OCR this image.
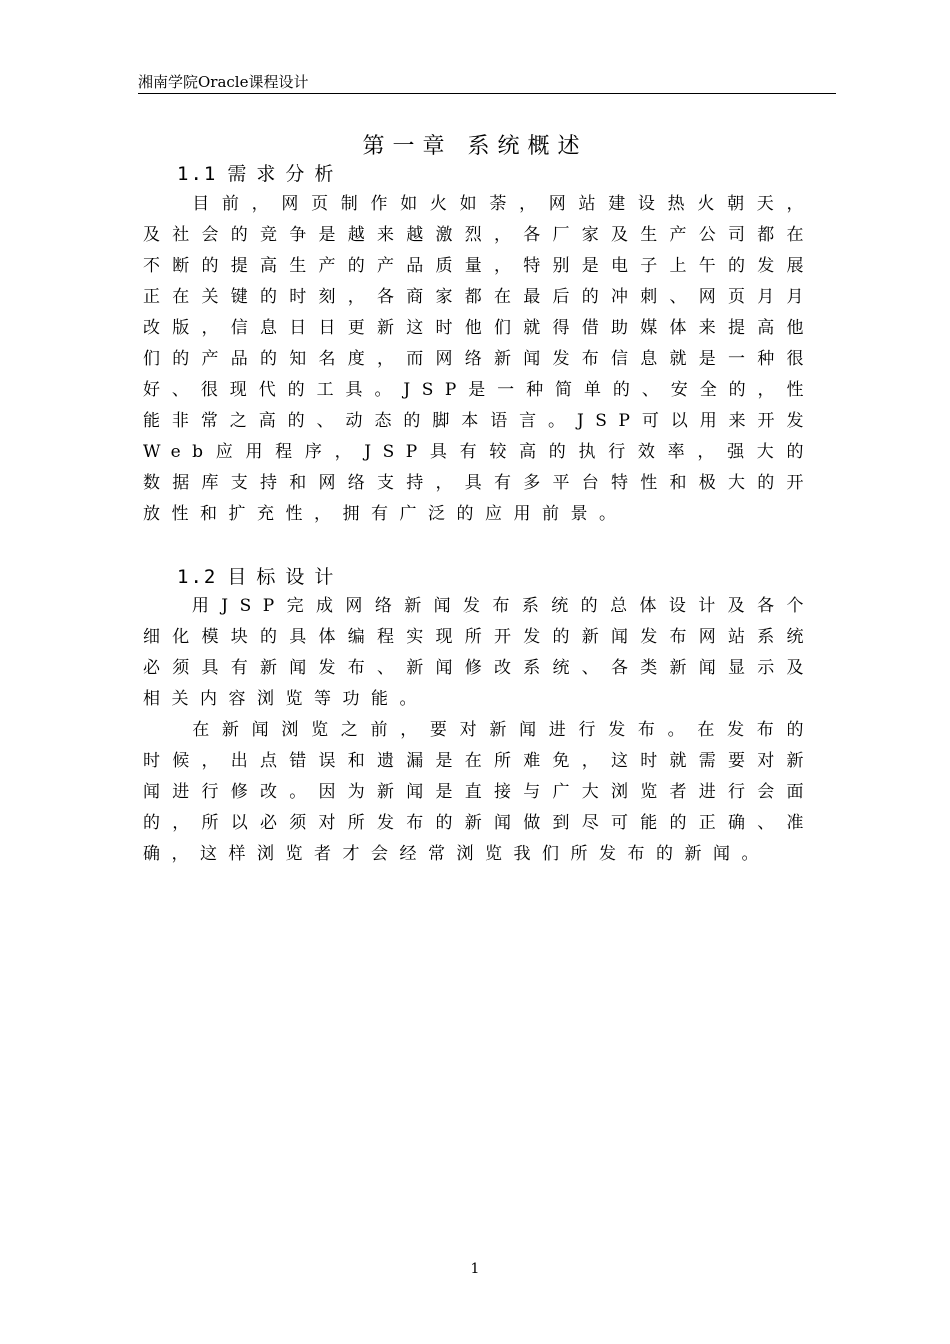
湘南学院Oracle课程设计
第一章 系统概述
1.1 需求分析
目前，网页制作如火如荼，网站建设热火朝天，及社会的竞争是越来越激烈，各厂家及生产公司都在不断的提高生产的产品质量，特别是电子上午的发展正在关键的时刻，各商家都在最后的冲刺、网页月月改版，信息日日更新这时他们就得借助媒体来提高他们的产品的知名度，而网络新闻发布信息就是一种很好、很现代的工具。JSP是一种简单的、安全的，性能非常之高的、动态的脚本语言。JSP可以用来开发Web应用程序，JSP具有较高的执行效率，强大的数据库支持和网络支持，具有多平台特性和极大的开放性和扩充性，拥有广泛的应用前景。
1.2 目标设计
用JSP完成网络新闻发布系统的总体设计及各个细化模块的具体编程实现所开发的新闻发布网站系统必须具有新闻发布、新闻修改系统、各类新闻显示及相关内容浏览等功能。
在新闻浏览之前，要对新闻进行发布。在发布的时候，出点错误和遗漏是在所难免，这时就需要对新闻进行修改。因为新闻是直接与广大浏览者进行会面的，所以必须对所发布的新闻做到尽可能的正确、准确，这样浏览者才会经常浏览我们所发布的新闻。
1
